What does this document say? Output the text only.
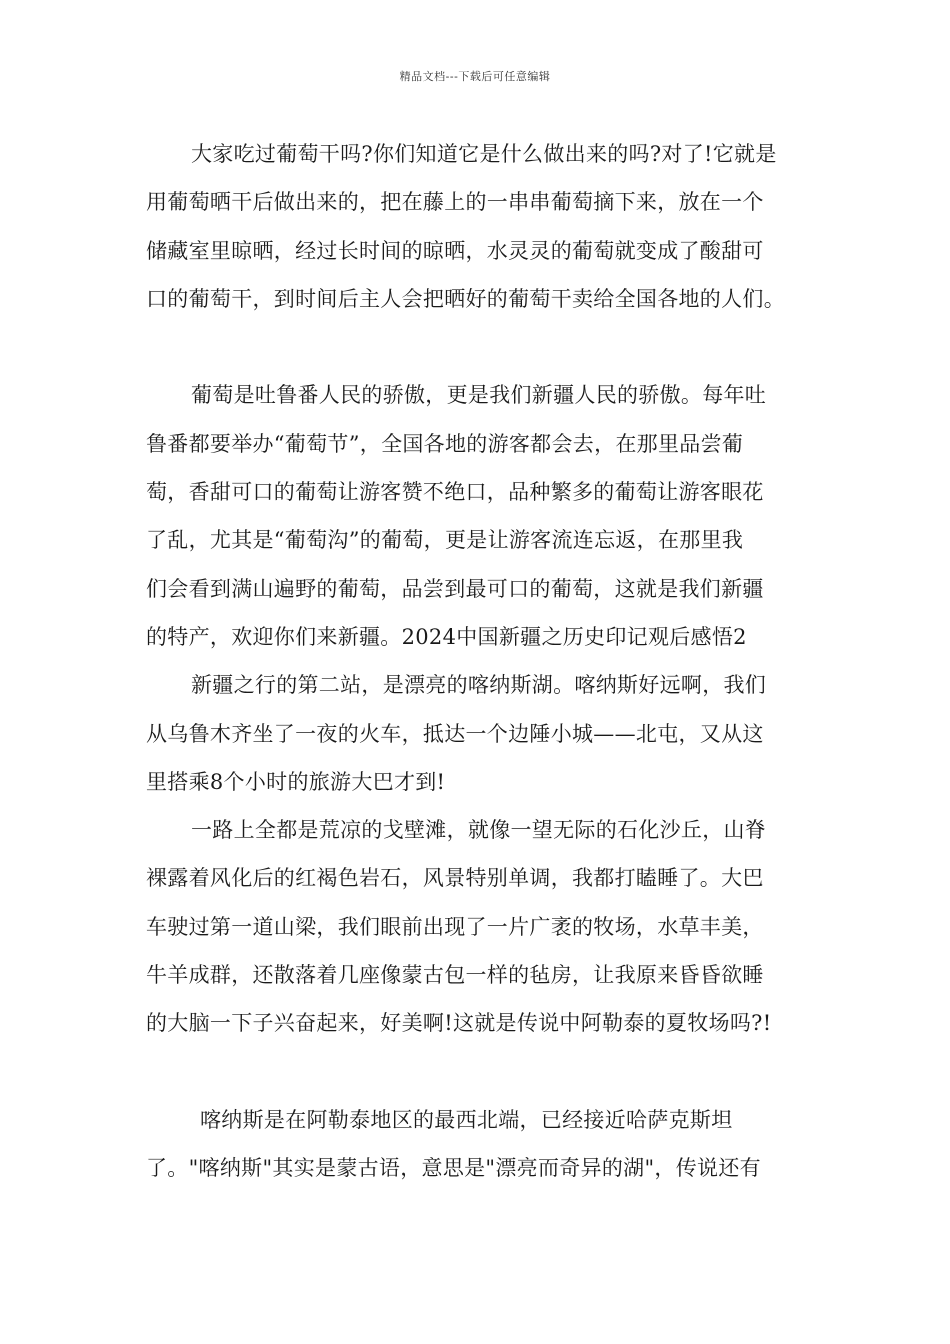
精品文档---下载后可任意编辑
大家吃过葡萄干吗?你们知道它是什么做出来的吗?对了!它就是
用葡萄晒干后做出来的，把在藤上的一串串葡萄摘下来，放在一个
储藏室里晾晒，经过长时间的晾晒，水灵灵的葡萄就变成了酸甜可
口的葡萄干，到时间后主人会把晒好的葡萄干卖给全国各地的人们。
葡萄是吐鲁番人民的骄傲，更是我们新疆人民的骄傲。每年吐
鲁番都要举办“葡萄节”，全国各地的游客都会去，在那里品尝葡
萄，香甜可口的葡萄让游客赞不绝口，品种繁多的葡萄让游客眼花
了乱，尤其是“葡萄沟”的葡萄，更是让游客流连忘返，在那里我
们会看到满山遍野的葡萄，品尝到最可口的葡萄，这就是我们新疆
的特产，欢迎你们来新疆。2024中国新疆之历史印记观后感悟2
新疆之行的第二站，是漂亮的喀纳斯湖。喀纳斯好远啊，我们
从乌鲁木齐坐了一夜的火车，抵达一个边陲小城——北屯，又从这
里搭乘8个小时的旅游大巴才到!
一路上全都是荒凉的戈壁滩，就像一望无际的石化沙丘，山脊
裸露着风化后的红褐色岩石，风景特别单调，我都打瞌睡了。大巴
车驶过第一道山梁，我们眼前出现了一片广袤的牧场，水草丰美，
牛羊成群，还散落着几座像蒙古包一样的毡房，让我原来昏昏欲睡
的大脑一下子兴奋起来，好美啊!这就是传说中阿勒泰的夏牧场吗?!
喀纳斯是在阿勒泰地区的最西北端，已经接近哈萨克斯坦
了。"喀纳斯"其实是蒙古语，意思是"漂亮而奇异的湖"，传说还有
